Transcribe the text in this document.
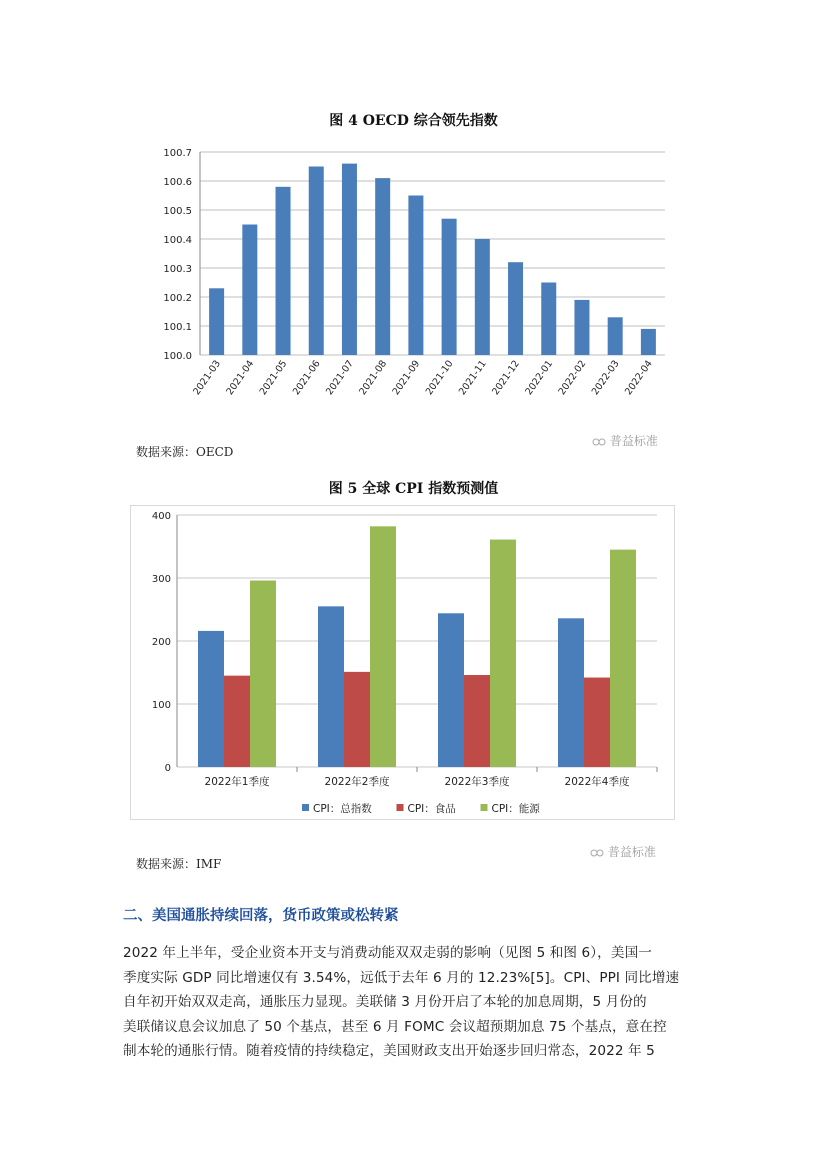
图 4 OECD 综合领先指数
100.0
100.1
100.2
100.3
100.4
100.5
100.6
100.7
2021-03 2021-04 2021-05 2021-06 2021-07 2021-08 2021-09 2021-10 2021-11 2021-12 2022-01 2022-02 2022-03 2022-04
数据来源：OECD
普益标准
图 5 全球 CPI 指数预测值
0
100
200
300
400
2022年1季度	2022年2季度	2022年3季度	2022年4季度
CPI：总指数	CPI：食品	CPI：能源
数据来源：IMF
普益标准
二、美国通胀持续回落，货币政策或松转紧
2022 年上半年，受企业资本开支与消费动能双双走弱的影响（见图 5 和图 6），美国一
季度实际 GDP 同比增速仅有 3.54%，远低于去年 6 月的 12.23%[5]。CPI、PPI 同比增速
自年初开始双双走高，通胀压力显现。美联储 3 月份开启了本轮的加息周期，5 月份的
美联储议息会议加息了 50 个基点，甚至 6 月 FOMC 会议超预期加息 75 个基点，意在控
制本轮的通胀行情。随着疫情的持续稳定，美国财政支出开始逐步回归常态，2022 年 5
